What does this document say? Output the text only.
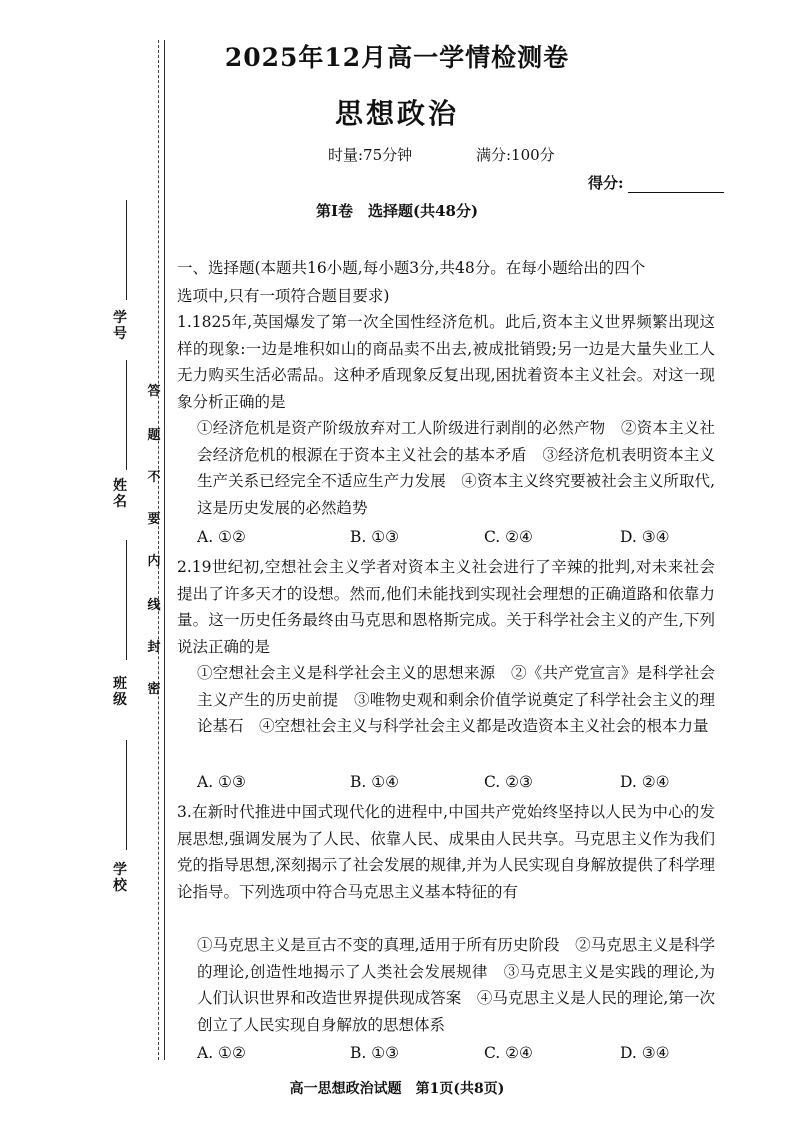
学号
姓名
班级
学校
答
题
不
要
内
线
封
密
2025年12月高一学情检测卷
思想政治
时量:75分钟	满分:100分
得分:
第Ⅰ卷　选择题(共48分)
一、选择题(本题共16小题,每小题3分,共48分。在每小题给出的四个
选项中,只有一项符合题目要求)

1.1825年,英国爆发了第一次全国性经济危机。此后,资本主义世界频繁出现这样的现象:一边是堆积如山的商品卖不出去,被成批销毁;另一边是大量失业工人无力购买生活必需品。这种矛盾现象反复出现,困扰着资本主义社会。对这一现象分析正确的是

①经济危机是资产阶级放弃对工人阶级进行剥削的必然产物　②资本主义社会经济危机的根源在于资本主义社会的基本矛盾　③经济危机表明资本主义生产关系已经完全不适应生产力发展　④资本主义终究要被社会主义所取代,这是历史发展的必然趋势

A. ①②	B. ①③	C. ②④	D. ③④

2.19世纪初,空想社会主义学者对资本主义社会进行了辛辣的批判,对未来社会提出了许多天才的设想。然而,他们未能找到实现社会理想的正确道路和依靠力量。这一历史任务最终由马克思和恩格斯完成。关于科学社会主义的产生,下列说法正确的是

①空想社会主义是科学社会主义的思想来源　②《共产党宣言》是科学社会主义产生的历史前提　③唯物史观和剩余价值学说奠定了科学社会主义的理论基石　④空想社会主义与科学社会主义都是改造资本主义社会的根本力量

A. ①③	B. ①④	C. ②③	D. ②④

3.在新时代推进中国式现代化的进程中,中国共产党始终坚持以人民为中心的发展思想,强调发展为了人民、依靠人民、成果由人民共享。马克思主义作为我们党的指导思想,深刻揭示了社会发展的规律,并为人民实现自身解放提供了科学理论指导。下列选项中符合马克思主义基本特征的有

①马克思主义是亘古不变的真理,适用于所有历史阶段　②马克思主义是科学的理论,创造性地揭示了人类社会发展规律　③马克思主义是实践的理论,为人们认识世界和改造世界提供现成答案　④马克思主义是人民的理论,第一次创立了人民实现自身解放的思想体系

A. ①②	B. ①③	C. ②④	D. ③④
高一思想政治试题　第1页(共8页)
